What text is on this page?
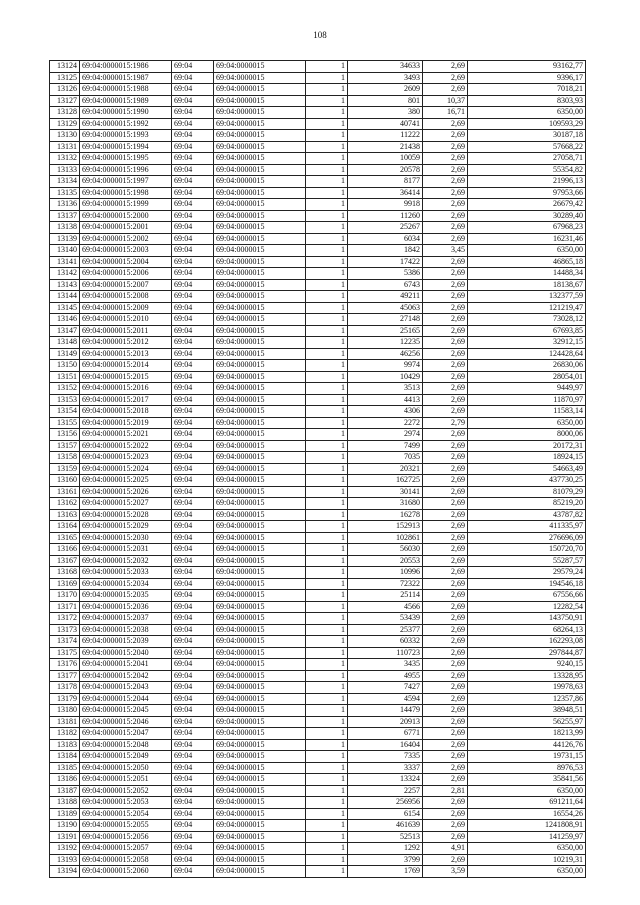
108
13124	69:04:0000015:1986	69:04	69:04:0000015	1	34633	2,69	93162,77
13125	69:04:0000015:1987	69:04	69:04:0000015	1	3493	2,69	9396,17
13126	69:04:0000015:1988	69:04	69:04:0000015	1	2609	2,69	7018,21
13127	69:04:0000015:1989	69:04	69:04:0000015	1	801	10,37	8303,93
13128	69:04:0000015:1990	69:04	69:04:0000015	1	380	16,71	6350,00
13129	69:04:0000015:1992	69:04	69:04:0000015	1	40741	2,69	109593,29
13130	69:04:0000015:1993	69:04	69:04:0000015	1	11222	2,69	30187,18
13131	69:04:0000015:1994	69:04	69:04:0000015	1	21438	2,69	57668,22
13132	69:04:0000015:1995	69:04	69:04:0000015	1	10059	2,69	27058,71
13133	69:04:0000015:1996	69:04	69:04:0000015	1	20578	2,69	55354,82
13134	69:04:0000015:1997	69:04	69:04:0000015	1	8177	2,69	21996,13
13135	69:04:0000015:1998	69:04	69:04:0000015	1	36414	2,69	97953,66
13136	69:04:0000015:1999	69:04	69:04:0000015	1	9918	2,69	26679,42
13137	69:04:0000015:2000	69:04	69:04:0000015	1	11260	2,69	30289,40
13138	69:04:0000015:2001	69:04	69:04:0000015	1	25267	2,69	67968,23
13139	69:04:0000015:2002	69:04	69:04:0000015	1	6034	2,69	16231,46
13140	69:04:0000015:2003	69:04	69:04:0000015	1	1842	3,45	6350,00
13141	69:04:0000015:2004	69:04	69:04:0000015	1	17422	2,69	46865,18
13142	69:04:0000015:2006	69:04	69:04:0000015	1	5386	2,69	14488,34
13143	69:04:0000015:2007	69:04	69:04:0000015	1	6743	2,69	18138,67
13144	69:04:0000015:2008	69:04	69:04:0000015	1	49211	2,69	132377,59
13145	69:04:0000015:2009	69:04	69:04:0000015	1	45063	2,69	121219,47
13146	69:04:0000015:2010	69:04	69:04:0000015	1	27148	2,69	73028,12
13147	69:04:0000015:2011	69:04	69:04:0000015	1	25165	2,69	67693,85
13148	69:04:0000015:2012	69:04	69:04:0000015	1	12235	2,69	32912,15
13149	69:04:0000015:2013	69:04	69:04:0000015	1	46256	2,69	124428,64
13150	69:04:0000015:2014	69:04	69:04:0000015	1	9974	2,69	26830,06
13151	69:04:0000015:2015	69:04	69:04:0000015	1	10429	2,69	28054,01
13152	69:04:0000015:2016	69:04	69:04:0000015	1	3513	2,69	9449,97
13153	69:04:0000015:2017	69:04	69:04:0000015	1	4413	2,69	11870,97
13154	69:04:0000015:2018	69:04	69:04:0000015	1	4306	2,69	11583,14
13155	69:04:0000015:2019	69:04	69:04:0000015	1	2272	2,79	6350,00
13156	69:04:0000015:2021	69:04	69:04:0000015	1	2974	2,69	8000,06
13157	69:04:0000015:2022	69:04	69:04:0000015	1	7499	2,69	20172,31
13158	69:04:0000015:2023	69:04	69:04:0000015	1	7035	2,69	18924,15
13159	69:04:0000015:2024	69:04	69:04:0000015	1	20321	2,69	54663,49
13160	69:04:0000015:2025	69:04	69:04:0000015	1	162725	2,69	437730,25
13161	69:04:0000015:2026	69:04	69:04:0000015	1	30141	2,69	81079,29
13162	69:04:0000015:2027	69:04	69:04:0000015	1	31680	2,69	85219,20
13163	69:04:0000015:2028	69:04	69:04:0000015	1	16278	2,69	43787,82
13164	69:04:0000015:2029	69:04	69:04:0000015	1	152913	2,69	411335,97
13165	69:04:0000015:2030	69:04	69:04:0000015	1	102861	2,69	276696,09
13166	69:04:0000015:2031	69:04	69:04:0000015	1	56030	2,69	150720,70
13167	69:04:0000015:2032	69:04	69:04:0000015	1	20553	2,69	55287,57
13168	69:04:0000015:2033	69:04	69:04:0000015	1	10996	2,69	29579,24
13169	69:04:0000015:2034	69:04	69:04:0000015	1	72322	2,69	194546,18
13170	69:04:0000015:2035	69:04	69:04:0000015	1	25114	2,69	67556,66
13171	69:04:0000015:2036	69:04	69:04:0000015	1	4566	2,69	12282,54
13172	69:04:0000015:2037	69:04	69:04:0000015	1	53439	2,69	143750,91
13173	69:04:0000015:2038	69:04	69:04:0000015	1	25377	2,69	68264,13
13174	69:04:0000015:2039	69:04	69:04:0000015	1	60332	2,69	162293,08
13175	69:04:0000015:2040	69:04	69:04:0000015	1	110723	2,69	297844,87
13176	69:04:0000015:2041	69:04	69:04:0000015	1	3435	2,69	9240,15
13177	69:04:0000015:2042	69:04	69:04:0000015	1	4955	2,69	13328,95
13178	69:04:0000015:2043	69:04	69:04:0000015	1	7427	2,69	19978,63
13179	69:04:0000015:2044	69:04	69:04:0000015	1	4594	2,69	12357,86
13180	69:04:0000015:2045	69:04	69:04:0000015	1	14479	2,69	38948,51
13181	69:04:0000015:2046	69:04	69:04:0000015	1	20913	2,69	56255,97
13182	69:04:0000015:2047	69:04	69:04:0000015	1	6771	2,69	18213,99
13183	69:04:0000015:2048	69:04	69:04:0000015	1	16404	2,69	44126,76
13184	69:04:0000015:2049	69:04	69:04:0000015	1	7335	2,69	19731,15
13185	69:04:0000015:2050	69:04	69:04:0000015	1	3337	2,69	8976,53
13186	69:04:0000015:2051	69:04	69:04:0000015	1	13324	2,69	35841,56
13187	69:04:0000015:2052	69:04	69:04:0000015	1	2257	2,81	6350,00
13188	69:04:0000015:2053	69:04	69:04:0000015	1	256956	2,69	691211,64
13189	69:04:0000015:2054	69:04	69:04:0000015	1	6154	2,69	16554,26
13190	69:04:0000015:2055	69:04	69:04:0000015	1	461639	2,69	1241808,91
13191	69:04:0000015:2056	69:04	69:04:0000015	1	52513	2,69	141259,97
13192	69:04:0000015:2057	69:04	69:04:0000015	1	1292	4,91	6350,00
13193	69:04:0000015:2058	69:04	69:04:0000015	1	3799	2,69	10219,31
13194	69:04:0000015:2060	69:04	69:04:0000015	1	1769	3,59	6350,00
